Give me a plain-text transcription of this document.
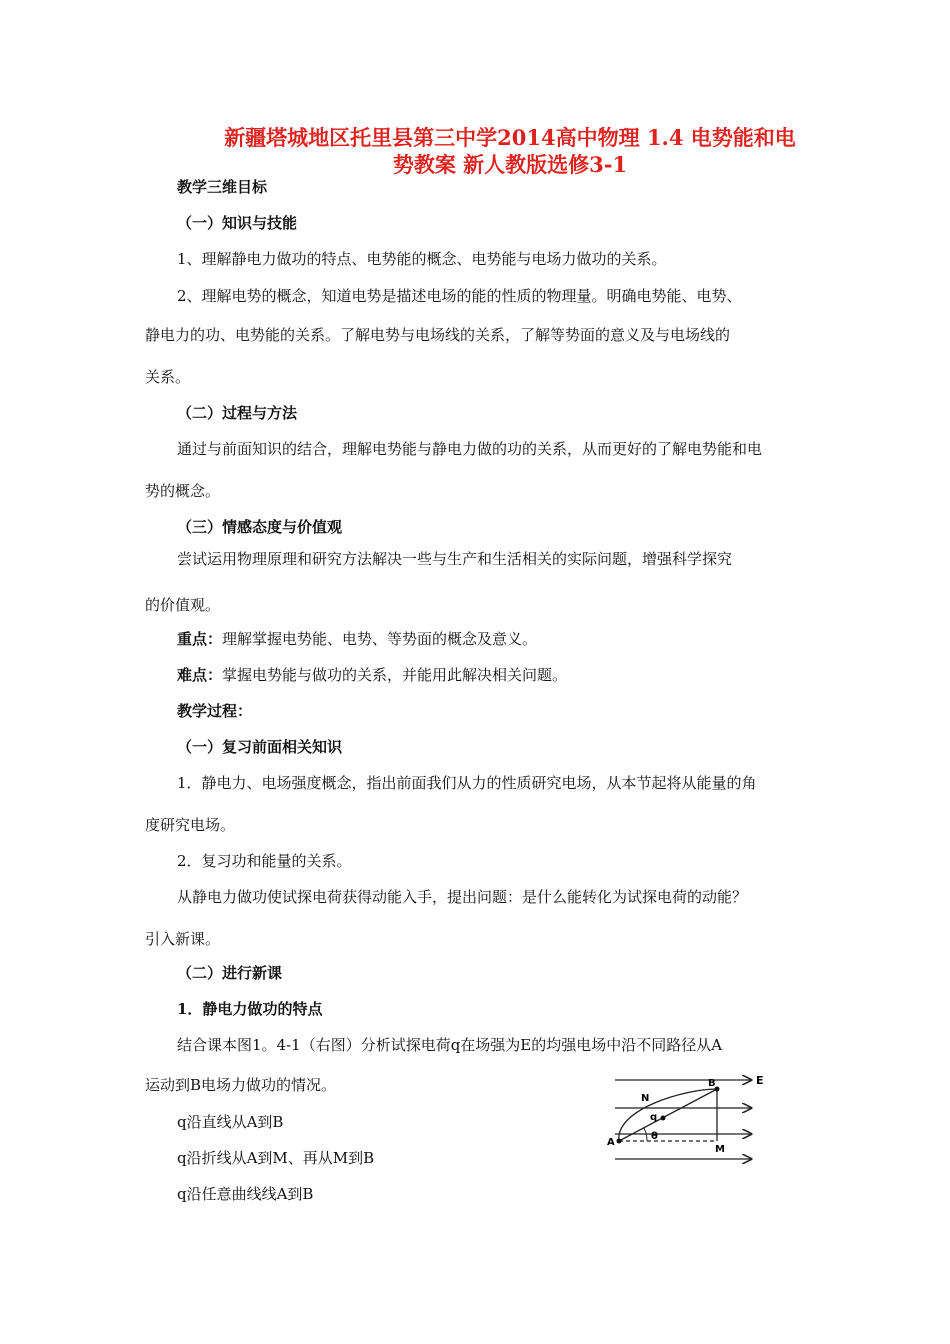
新疆塔城地区托里县第三中学2014高中物理 1.4 电势能和电
势教案 新人教版选修3-1
教学三维目标
（一）知识与技能
1、理解静电力做功的特点、电势能的概念、电势能与电场力做功的关系。
2、理解电势的概念，知道电势是描述电场的能的性质的物理量。明确电势能、电势、
静电力的功、电势能的关系。了解电势与电场线的关系，了解等势面的意义及与电场线的
关系。
（二）过程与方法
通过与前面知识的结合，理解电势能与静电力做的功的关系，从而更好的了解电势能和电
势的概念。
（三）情感态度与价值观
尝试运用物理原理和研究方法解决一些与生产和生活相关的实际问题，增强科学探究
的价值观。
重点：理解掌握电势能、电势、等势面的概念及意义。
难点：掌握电势能与做功的关系，并能用此解决相关问题。
教学过程：
（一）复习前面相关知识
1．静电力、电场强度概念，指出前面我们从力的性质研究电场，从本节起将从能量的角
度研究电场。
2．复习功和能量的关系。
从静电力做功使试探电荷获得动能入手，提出问题：是什么能转化为试探电荷的动能？
引入新课。
（二）进行新课
1．静电力做功的特点
结合课本图1。4-1（右图）分析试探电荷q在场强为E的均强电场中沿不同路径从A
运动到B电场力做功的情况。
q沿直线从A到B
q沿折线从A到M、再从M到B
q沿任意曲线线A到B
B	E
N
q
A
θ
M
